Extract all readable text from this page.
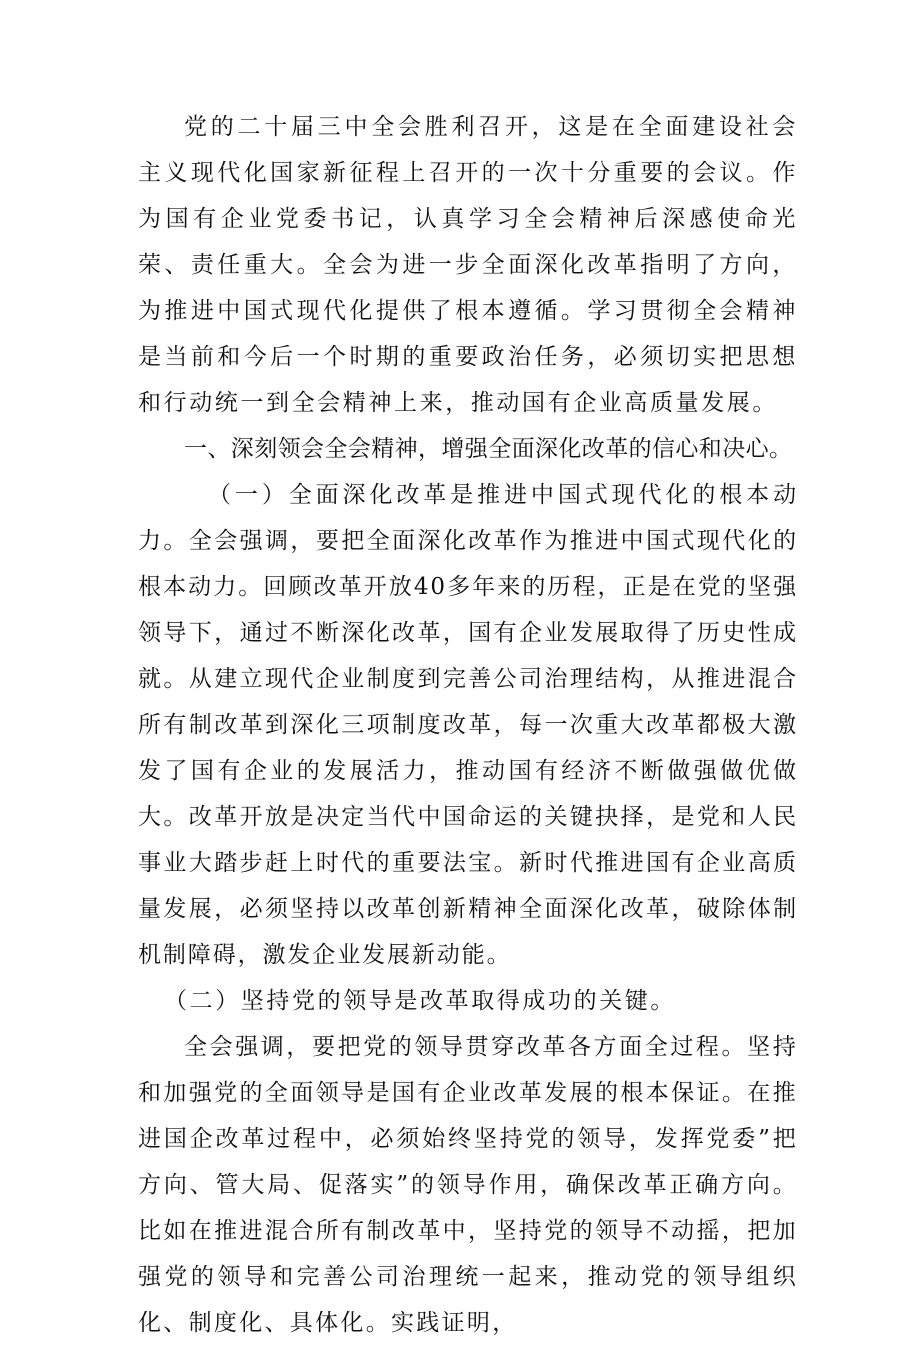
党的二十届三中全会胜利召开，这是在全面建设社会主义现代化国家新征程上召开的一次十分重要的会议。作为国有企业党委书记，认真学习全会精神后深感使命光荣、责任重大。全会为进一步全面深化改革指明了方向，为推进中国式现代化提供了根本遵循。学习贯彻全会精神是当前和今后一个时期的重要政治任务，必须切实把思想和行动统一到全会精神上来，推动国有企业高质量发展。

一、深刻领会全会精神，增强全面深化改革的信心和决心。

（一）全面深化改革是推进中国式现代化的根本动力。全会强调，要把全面深化改革作为推进中国式现代化的根本动力。回顾改革开放40多年来的历程，正是在党的坚强领导下，通过不断深化改革，国有企业发展取得了历史性成就。从建立现代企业制度到完善公司治理结构，从推进混合所有制改革到深化三项制度改革，每一次重大改革都极大激发了国有企业的发展活力，推动国有经济不断做强做优做大。改革开放是决定当代中国命运的关键抉择，是党和人民事业大踏步赶上时代的重要法宝。新时代推进国有企业高质量发展，必须坚持以改革创新精神全面深化改革，破除体制机制障碍，激发企业发展新动能。

（二）坚持党的领导是改革取得成功的关键。

全会强调，要把党的领导贯穿改革各方面全过程。坚持和加强党的全面领导是国有企业改革发展的根本保证。在推进国企改革过程中，必须始终坚持党的领导，发挥党委”把方向、管大局、促落实”的领导作用，确保改革正确方向。比如在推进混合所有制改革中，坚持党的领导不动摇，把加强党的领导和完善公司治理统一起来，推动党的领导组织化、制度化、具体化。实践证明，
